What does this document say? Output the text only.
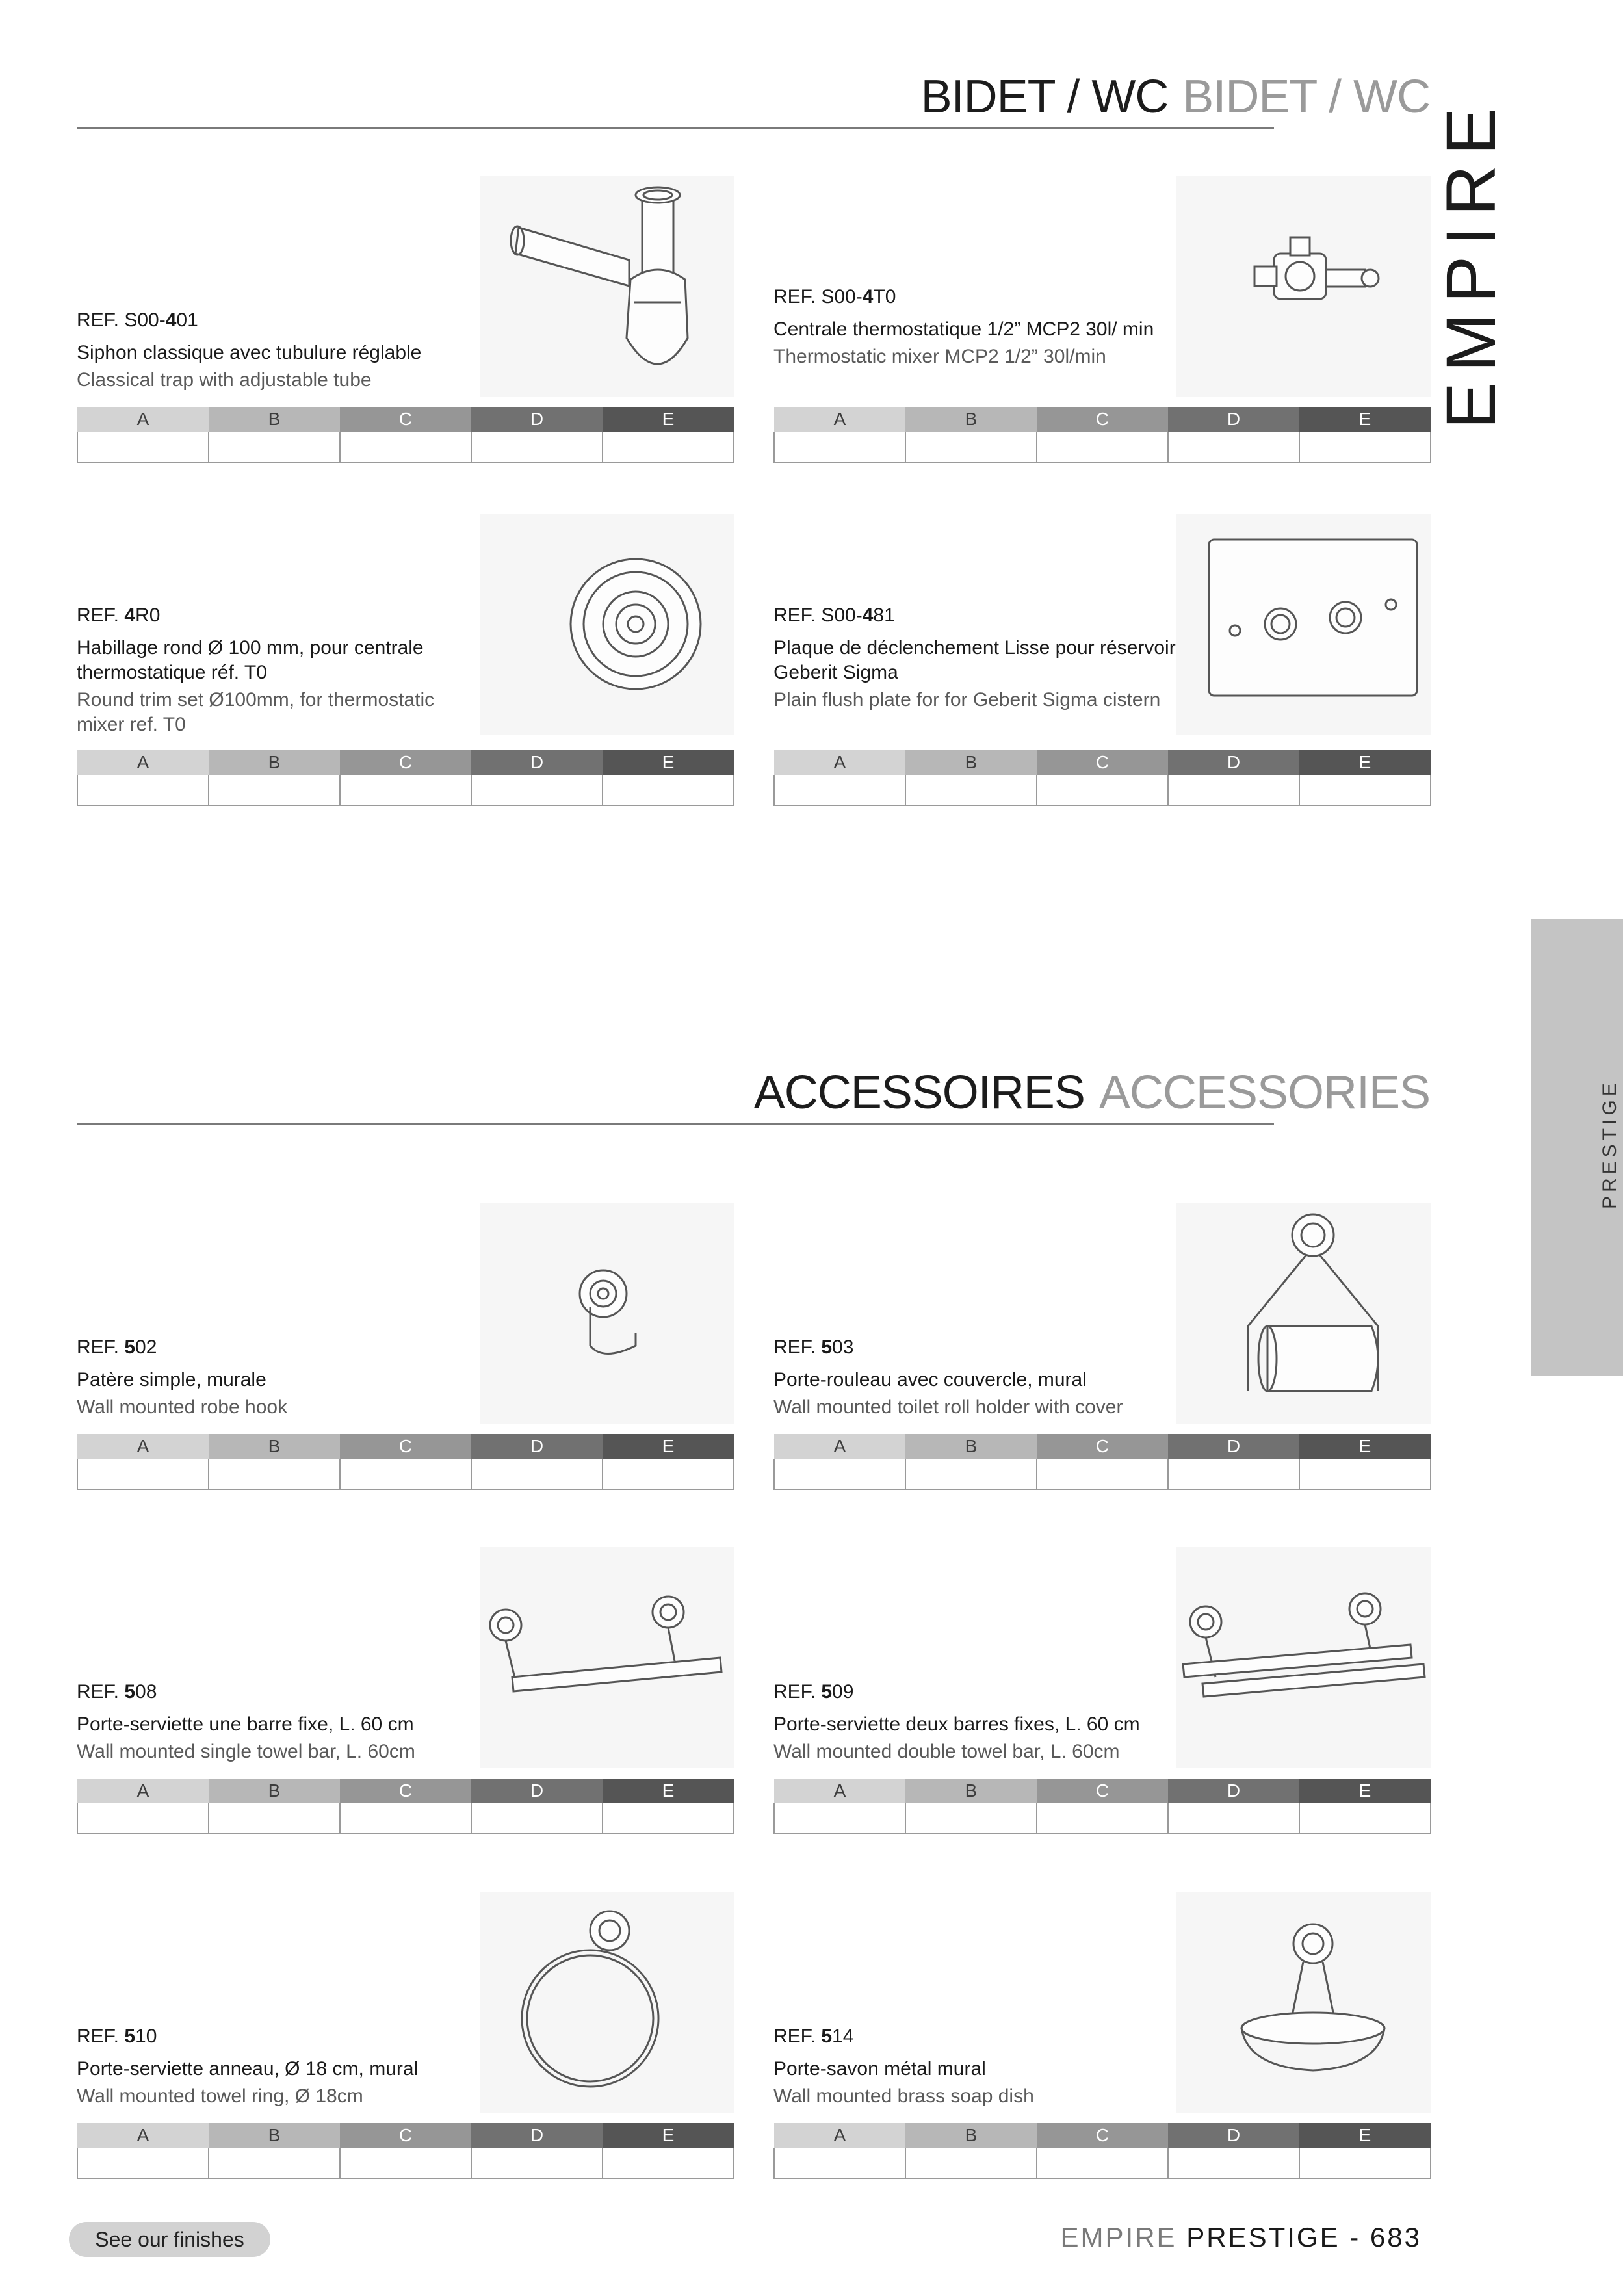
BIDET / WC BIDET / WC
EMPIRE
PRESTIGE

REF. S00-401

Siphon classique avec tubulure réglable

Classical trap with adjustable tube

A	B	C	D	E

REF. S00-4T0

Centrale thermostatique 1/2” MCP2 30l/ min

Thermostatic mixer MCP2 1/2” 30l/min

A	B	C	D	E

REF. 4R0

Habillage rond Ø 100 mm, pour centrale thermostatique réf. T0

Round trim set Ø100mm, for thermostatic mixer ref. T0

A	B	C	D	E

REF. S00-481

Plaque de déclenchement Lisse pour réservoir Geberit Sigma

Plain flush plate for for Geberit Sigma cistern

A	B	C	D	E

ACCESSOIRES ACCESSORIES

REF. 502

Patère simple, murale

Wall mounted robe hook

A	B	C	D	E

REF. 503

Porte-rouleau avec couvercle, mural

Wall mounted toilet roll holder with cover

A	B	C	D	E

REF. 508

Porte-serviette une barre fixe, L. 60 cm

Wall mounted single towel bar, L. 60cm

A	B	C	D	E

REF. 509

Porte-serviette deux barres fixes, L. 60 cm

Wall mounted double towel bar, L. 60cm

A	B	C	D	E

REF. 510

Porte-serviette anneau, Ø 18 cm, mural

Wall mounted towel ring, Ø 18cm

A	B	C	D	E

REF. 514

Porte-savon métal mural

Wall mounted brass soap dish

A	B	C	D	E

See our finishes	EMPIRE PRESTIGE - 683
